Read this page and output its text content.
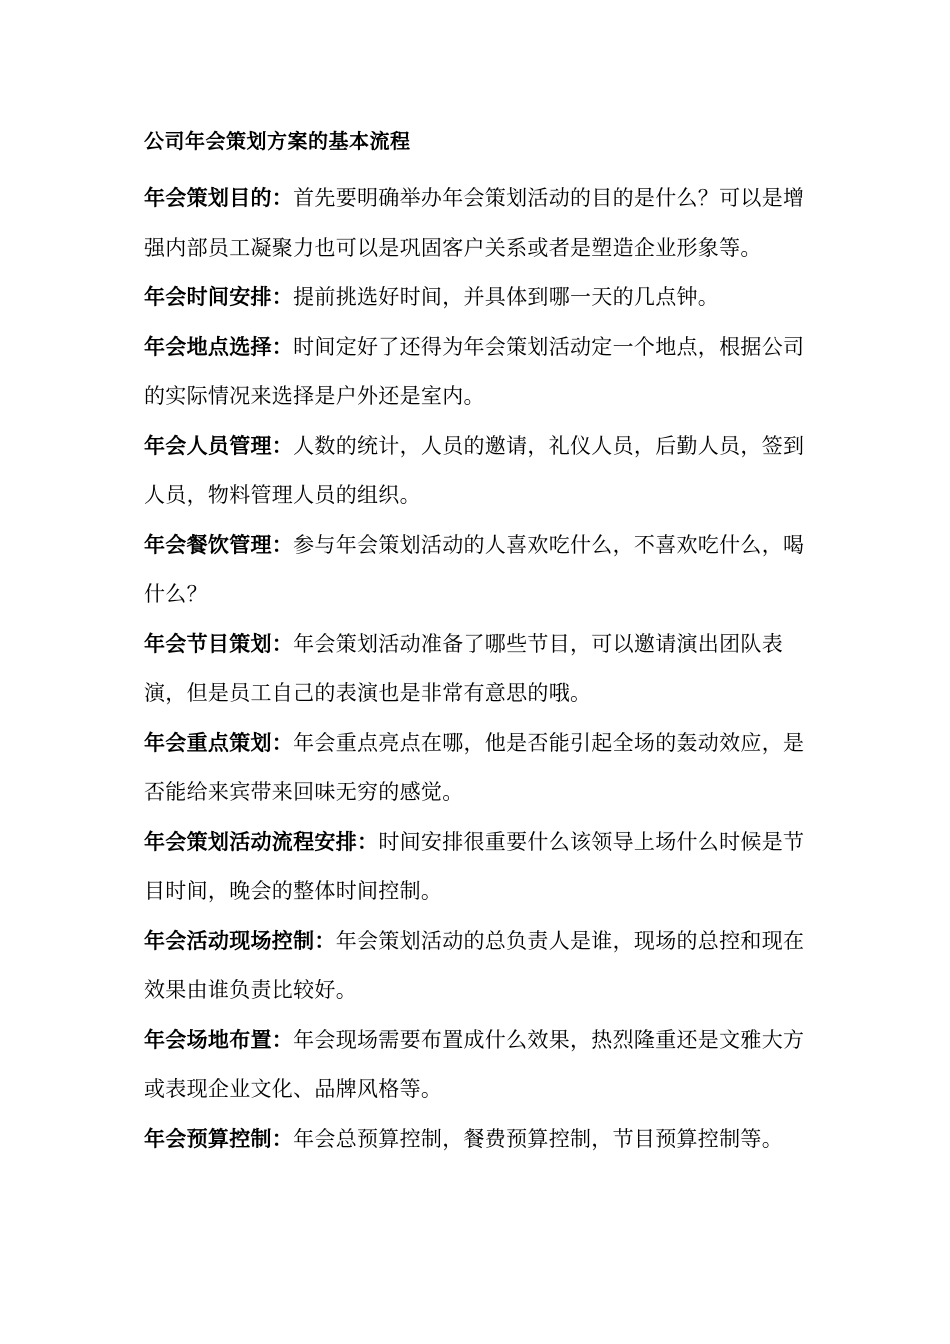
公司年会策划方案的基本流程

年会策划目的：首先要明确举办年会策划活动的目的是什么？可以是增强内部员工凝聚力也可以是巩固客户关系或者是塑造企业形象等。

年会时间安排：提前挑选好时间，并具体到哪一天的几点钟。

年会地点选择：时间定好了还得为年会策划活动定一个地点，根据公司的实际情况来选择是户外还是室内。

年会人员管理：人数的统计，人员的邀请，礼仪人员，后勤人员，签到人员，物料管理人员的组织。

年会餐饮管理：参与年会策划活动的人喜欢吃什么，不喜欢吃什么，喝什么？

年会节目策划：年会策划活动准备了哪些节目，可以邀请演出团队表演，但是员工自己的表演也是非常有意思的哦。

年会重点策划：年会重点亮点在哪，他是否能引起全场的轰动效应，是否能给来宾带来回味无穷的感觉。

年会策划活动流程安排：时间安排很重要什么该领导上场什么时候是节目时间，晚会的整体时间控制。

年会活动现场控制：年会策划活动的总负责人是谁，现场的总控和现在效果由谁负责比较好。

年会场地布置：年会现场需要布置成什么效果，热烈隆重还是文雅大方或表现企业文化、品牌风格等。

年会预算控制：年会总预算控制，餐费预算控制，节目预算控制等。
